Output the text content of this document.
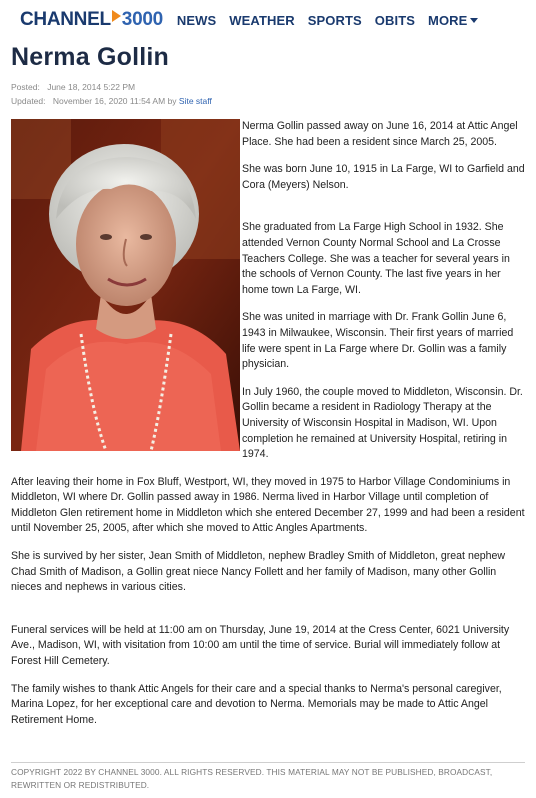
CHANNEL 3000 NEWS WEATHER SPORTS OBITS MORE
Nerma Gollin
Posted: June 18, 2014 5:22 PM
Updated: November 16, 2020 11:54 AM by Site staff

Nerma Gollin passed away on June 16, 2014 at Attic Angel Place. She had been a resident since March 25, 2005.

She was born June 10, 1915 in La Farge, WI to Garfield and Cora (Meyers) Nelson.

She graduated from La Farge High School in 1932. She attended Vernon County Normal School and La Crosse Teachers College. She was a teacher for several years in the schools of Vernon County. The last five years in her home town La Farge, WI.

She was united in marriage with Dr. Frank Gollin June 6, 1943 in Milwaukee, Wisconsin. Their first years of married life were spent in La Farge where Dr. Gollin was a family physician.

In July 1960, the couple moved to Middleton, Wisconsin. Dr. Gollin became a resident in Radiology Therapy at the University of Wisconsin Hospital in Madison, WI. Upon completion he remained at University Hospital, retiring in 1974.

After leaving their home in Fox Bluff, Westport, WI, they moved in 1975 to Harbor Village Condominiums in Middleton, WI where Dr. Gollin passed away in 1986. Nerma lived in Harbor Village until completion of Middleton Glen retirement home in Middleton which she entered December 27, 1999 and had been a resident until November 25, 2005, after which she moved to Attic Angles Apartments.

She is survived by her sister, Jean Smith of Middleton, nephew Bradley Smith of Middleton, great nephew Chad Smith of Madison, a Gollin great niece Nancy Follett and her family of Madison, many other Gollin nieces and nephews in various cities.

Funeral services will be held at 11:00 am on Thursday, June 19, 2014 at the Cress Center, 6021 University Ave., Madison, WI, with visitation from 10:00 am until the time of service. Burial will immediately follow at Forest Hill Cemetery.

The family wishes to thank Attic Angels for their care and a special thanks to Nerma's personal caregiver, Marina Lopez, for her exceptional care and devotion to Nerma. Memorials may be made to Attic Angel Retirement Home.

COPYRIGHT 2022 BY CHANNEL 3000. ALL RIGHTS RESERVED. THIS MATERIAL MAY NOT BE PUBLISHED, BROADCAST, REWRITTEN OR REDISTRIBUTED.
